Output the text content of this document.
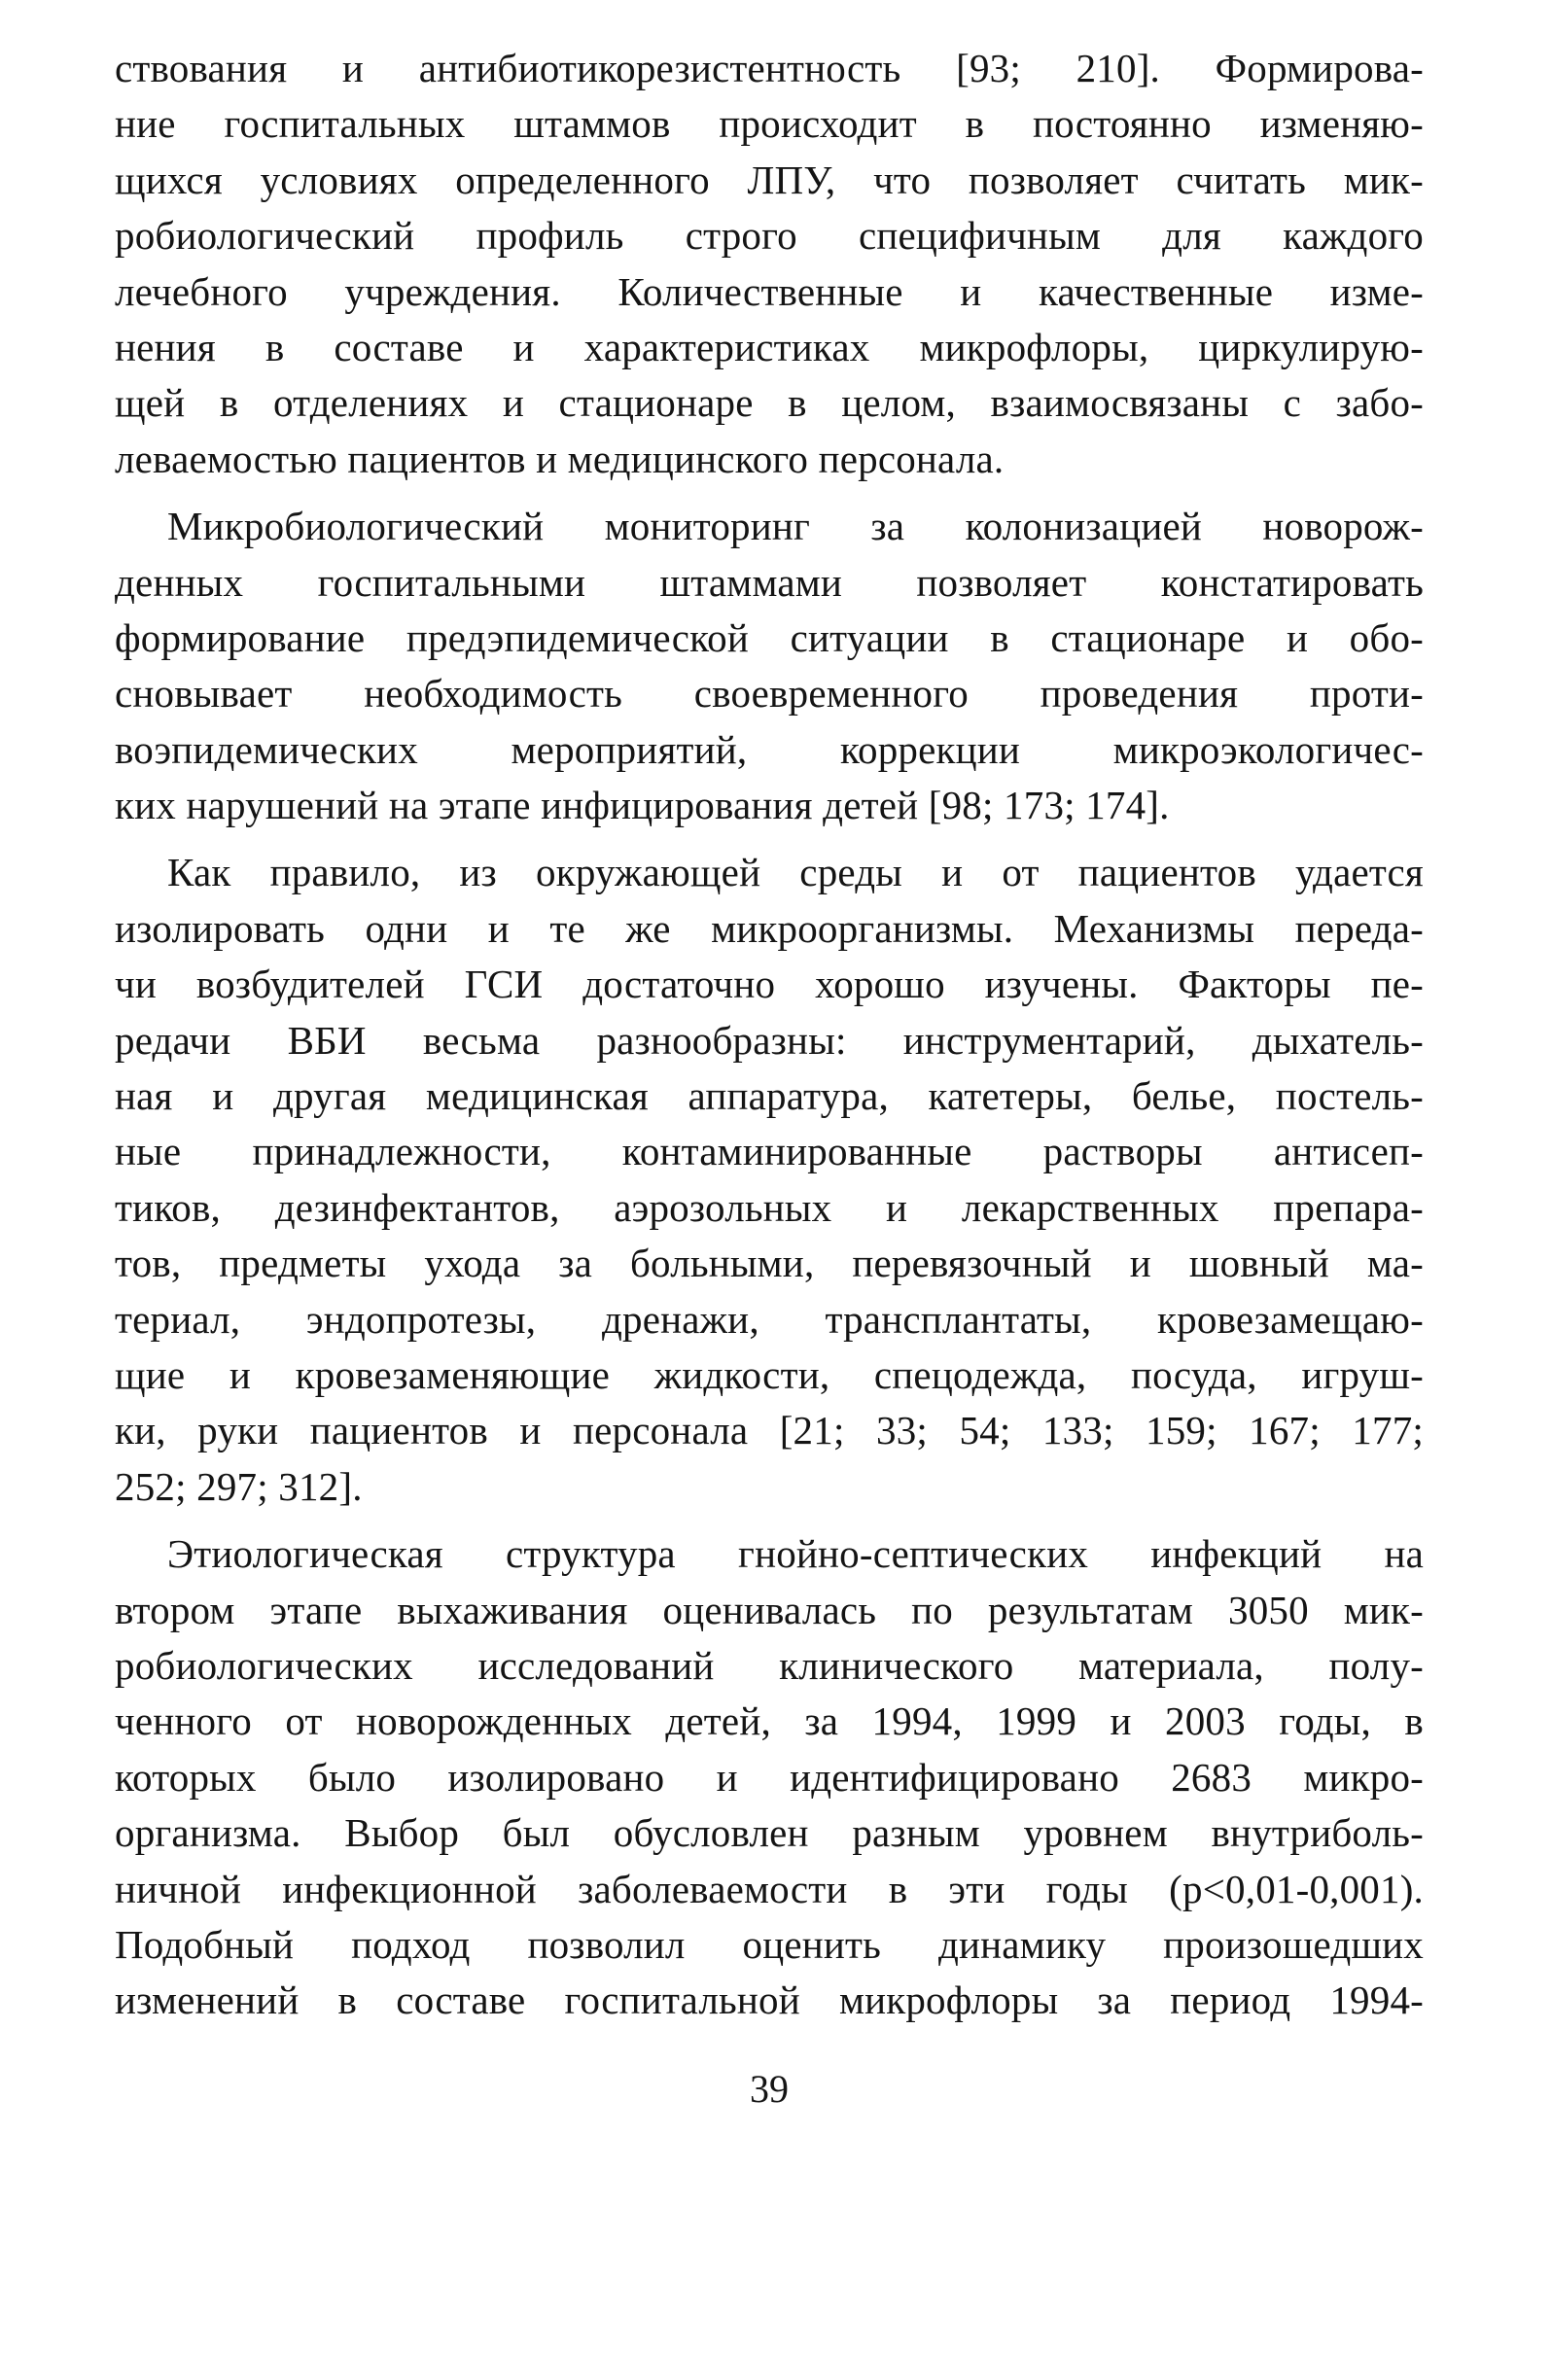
ствования и антибиотикорезистентность [93; 210]. Формирова-
ние госпитальных штаммов происходит в постоянно изменяю-
щихся условиях определенного ЛПУ, что позволяет считать мик-
робиологический профиль строго специфичным для каждого
лечебного учреждения. Количественные и качественные изме-
нения в составе и характеристиках микрофлоры, циркулирую-
щей в отделениях и стационаре в целом, взаимосвязаны с забо-
леваемостью пациентов и медицинского персонала.
Микробиологический мониторинг за колонизацией новорож-
денных госпитальными штаммами позволяет констатировать
формирование предэпидемической ситуации в стационаре и обо-
сновывает необходимость своевременного проведения проти-
воэпидемических мероприятий, коррекции микроэкологичес-
ких нарушений на этапе инфицирования детей [98; 173; 174].
Как правило, из окружающей среды и от пациентов удается
изолировать одни и те же микроорганизмы. Механизмы переда-
чи возбудителей ГСИ достаточно хорошо изучены. Факторы пе-
редачи ВБИ весьма разнообразны: инструментарий, дыхатель-
ная и другая медицинская аппаратура, катетеры, белье, постель-
ные принадлежности, контаминированные растворы антисеп-
тиков, дезинфектантов, аэрозольных и лекарственных препара-
тов, предметы ухода за больными, перевязочный и шовный ма-
териал, эндопротезы, дренажи, трансплантаты, кровезамещаю-
щие и кровезаменяющие жидкости, спецодежда, посуда, игруш-
ки, руки пациентов и персонала [21; 33; 54; 133; 159; 167; 177;
252; 297; 312].
Этиологическая структура гнойно-септических инфекций на
втором этапе выхаживания оценивалась по результатам 3050 мик-
робиологических исследований клинического материала, полу-
ченного от новорожденных детей, за 1994, 1999 и 2003 годы, в
которых было изолировано и идентифицировано 2683 микро-
организма. Выбор был обусловлен разным уровнем внутриболь-
ничной инфекционной заболеваемости в эти годы (p<0,01-0,001).
Подобный подход позволил оценить динамику произошедших
изменений в составе госпитальной микрофлоры за период 1994-
39
